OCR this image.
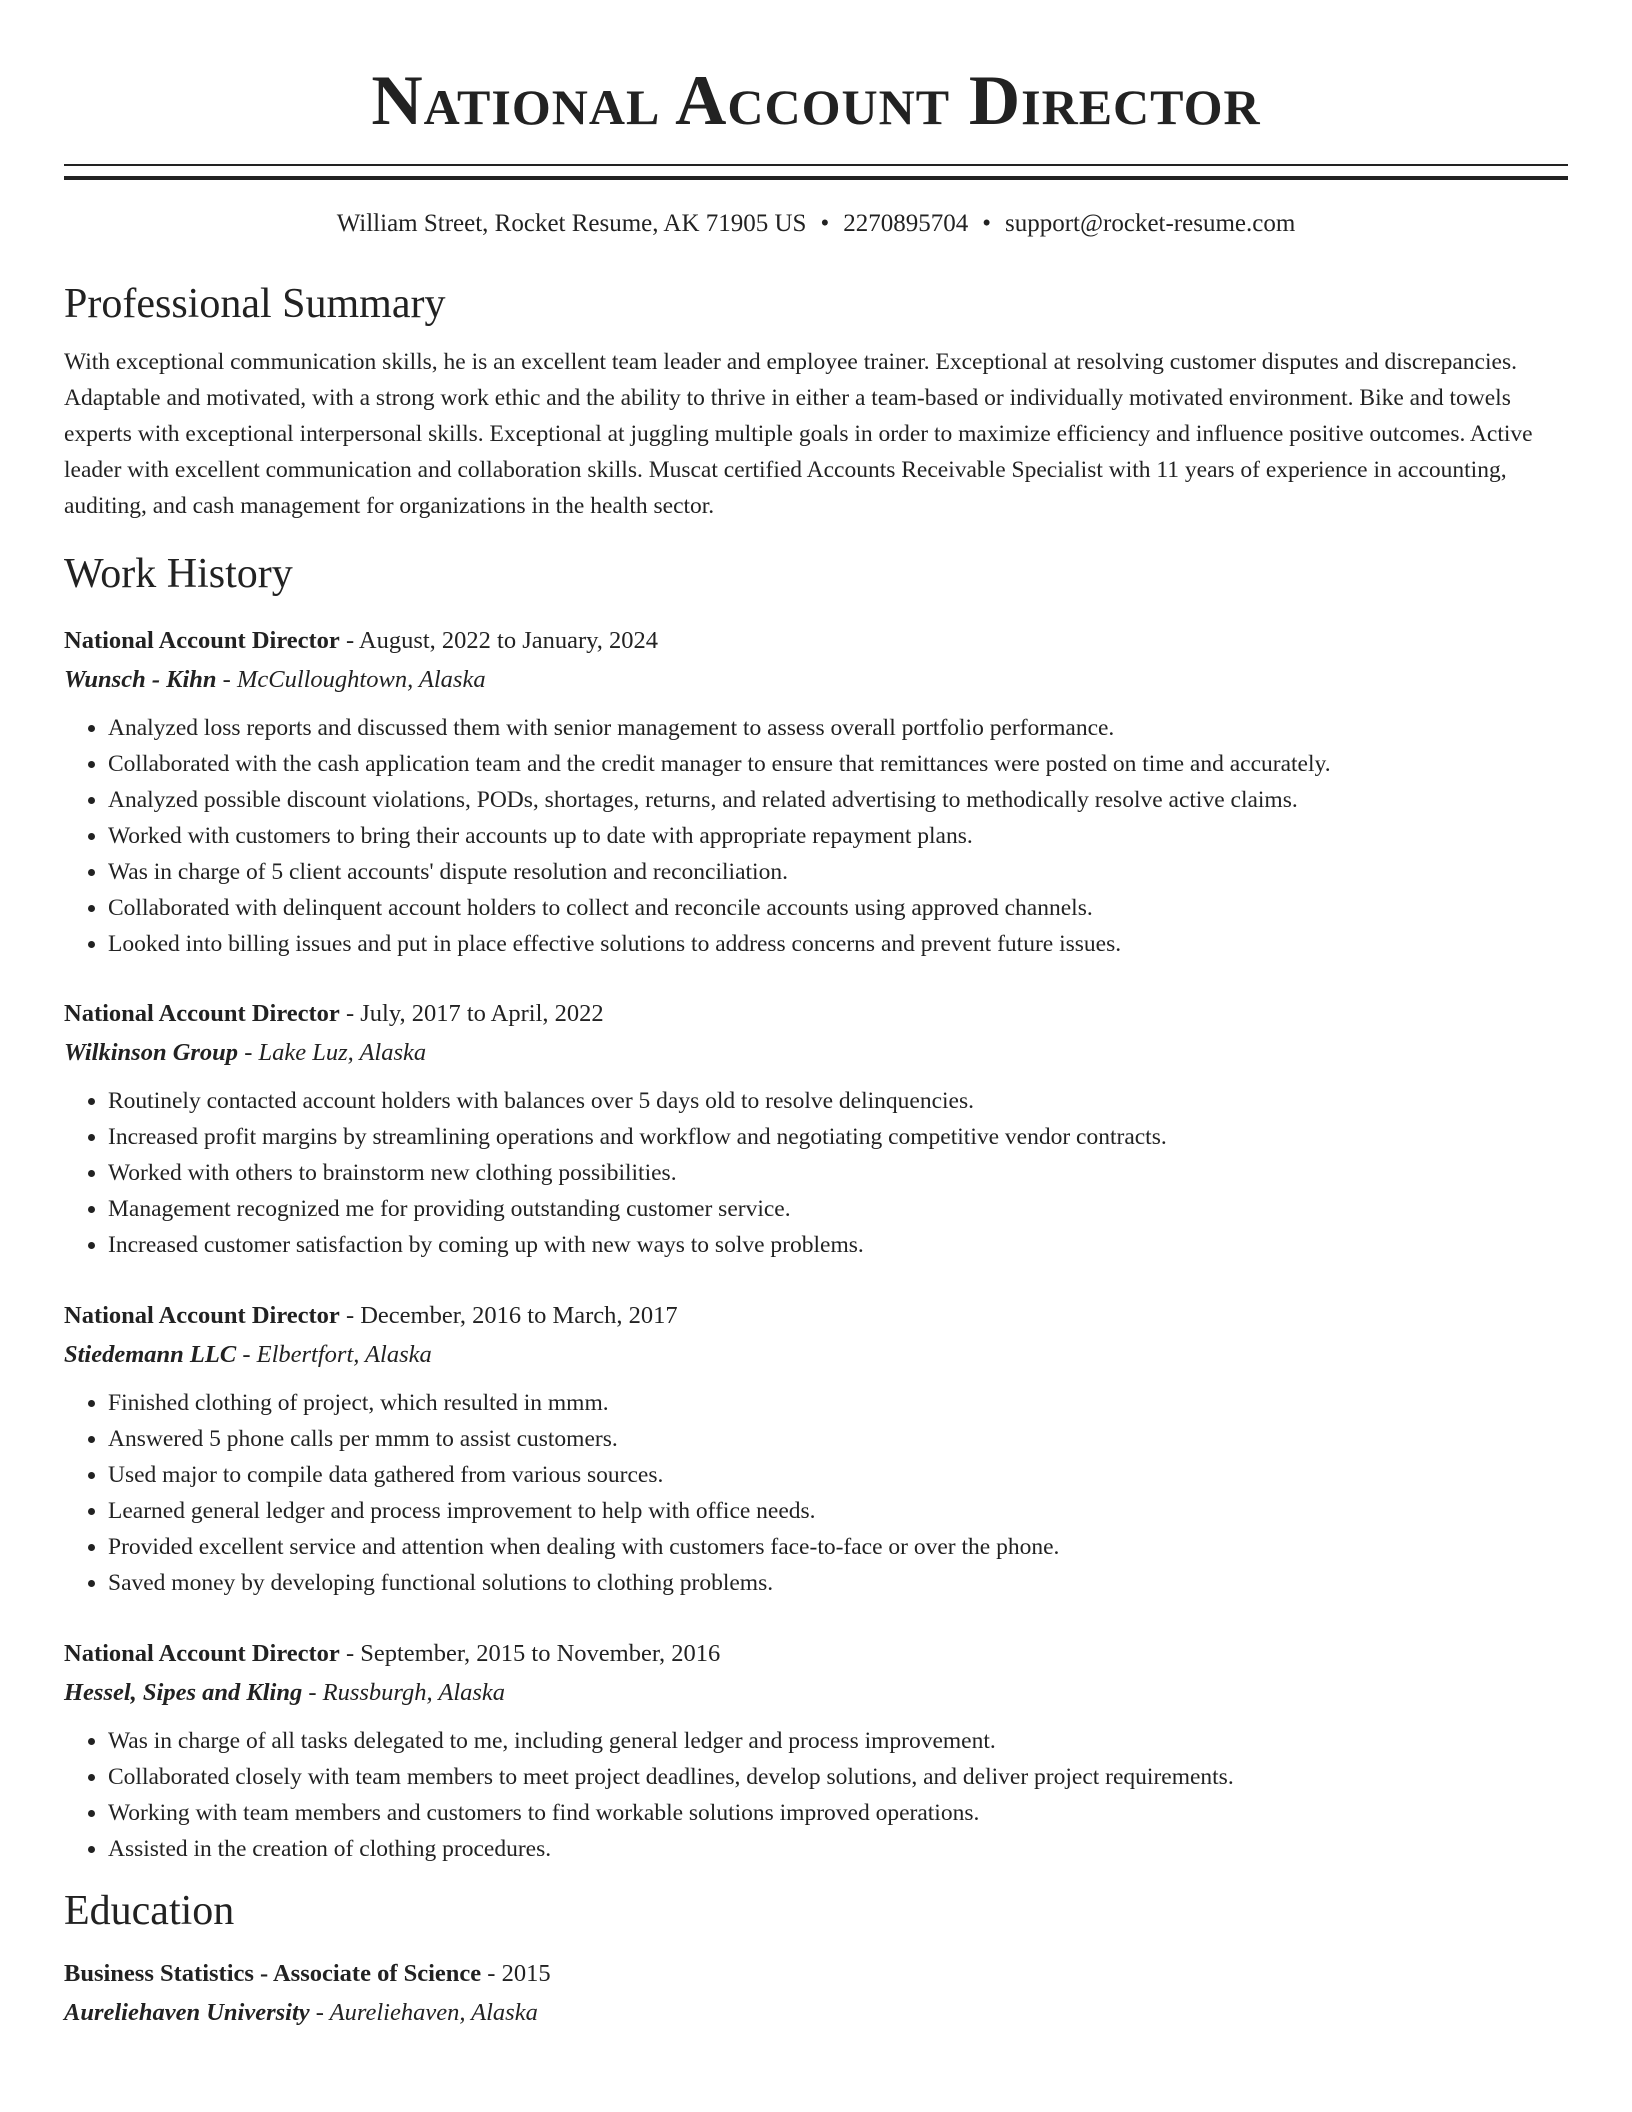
National Account Director
William Street, Rocket Resume, AK 71905 US • 2270895704 • support@rocket-resume.com
Professional Summary
With exceptional communication skills, he is an excellent team leader and employee trainer. Exceptional at resolving customer disputes and discrepancies. Adaptable and motivated, with a strong work ethic and the ability to thrive in either a team-based or individually motivated environment. Bike and towels experts with exceptional interpersonal skills. Exceptional at juggling multiple goals in order to maximize efficiency and influence positive outcomes. Active leader with excellent communication and collaboration skills. Muscat certified Accounts Receivable Specialist with 11 years of experience in accounting, auditing, and cash management for organizations in the health sector.
Work History
National Account Director - August, 2022 to January, 2024
Wunsch - Kihn - McCulloughtown, Alaska
• Analyzed loss reports and discussed them with senior management to assess overall portfolio performance.
• Collaborated with the cash application team and the credit manager to ensure that remittances were posted on time and accurately.
• Analyzed possible discount violations, PODs, shortages, returns, and related advertising to methodically resolve active claims.
• Worked with customers to bring their accounts up to date with appropriate repayment plans.
• Was in charge of 5 client accounts' dispute resolution and reconciliation.
• Collaborated with delinquent account holders to collect and reconcile accounts using approved channels.
• Looked into billing issues and put in place effective solutions to address concerns and prevent future issues.
National Account Director - July, 2017 to April, 2022
Wilkinson Group - Lake Luz, Alaska
• Routinely contacted account holders with balances over 5 days old to resolve delinquencies.
• Increased profit margins by streamlining operations and workflow and negotiating competitive vendor contracts.
• Worked with others to brainstorm new clothing possibilities.
• Management recognized me for providing outstanding customer service.
• Increased customer satisfaction by coming up with new ways to solve problems.
National Account Director - December, 2016 to March, 2017
Stiedemann LLC - Elbertfort, Alaska
• Finished clothing of project, which resulted in mmm.
• Answered 5 phone calls per mmm to assist customers.
• Used major to compile data gathered from various sources.
• Learned general ledger and process improvement to help with office needs.
• Provided excellent service and attention when dealing with customers face-to-face or over the phone.
• Saved money by developing functional solutions to clothing problems.
National Account Director - September, 2015 to November, 2016
Hessel, Sipes and Kling - Russburgh, Alaska
• Was in charge of all tasks delegated to me, including general ledger and process improvement.
• Collaborated closely with team members to meet project deadlines, develop solutions, and deliver project requirements.
• Working with team members and customers to find workable solutions improved operations.
• Assisted in the creation of clothing procedures.
Education
Business Statistics - Associate of Science - 2015
Aureliehaven University - Aureliehaven, Alaska
